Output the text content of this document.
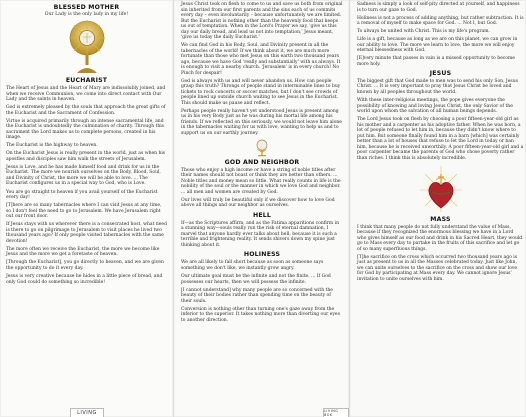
BLESSED MOTHER
Our Lady is the only lady in my life!
EUCHARIST

The Heart of Jesus and the Heart of Mary are indissolubly joined, and when we receive Communion, we come into direct contact with Our Lady and the saints in heaven.

God is extremely pleased by the souls that approach the great gifts of the Eucharist and the Sacrament of Confession.

Virtue is acquired primarily through an intense sacramental life, and the Eucharist is undoubtedly the culmination of charity. Through this sacrament the Lord makes us to complete persons, created in his image.

The Eucharist is the highway to heaven.

On the Eucharist Jesus is really present in the world, just as when his apostles and disciples saw him walk the streets of Jerusalem.

Jesus is Love, and he has made himself food and drink for us in the Eucharist. The more we nourish ourselves on the Body, Blood, Soul, and Divinity of Christ, the more we will be able to love. ... The Eucharist configures us in a special way to God, who is Love.

You are go straight to heaven if you avail yourself of the Eucharist every day!

[T]here are so many tabernacles where I can visit Jesus at any time, so I don't feel the need to go to Jerusalem. We have Jerusalem right out our front door.

If Jesus stays with us wherever there is a consecrated host, what need is there to go on pilgrimage to Jerusalem to visit places he lived two thousand years ago? If only people visited tabernacles with the same devotion!

The more often we receive the Eucharist, the more we become like Jesus and the more we get a foretaste of heaven.

[Through the Eucharist], you go directly to heaven, and we are given the opportunity to do it every day.

Jesus is very creative because he hides in a little piece of bread, and only God could do something so incredible!

LIVING

Jesus Christ took on flesh to come to us and save us both from original sin inherited from our first parents and the sins each of us commits every day – even involuntarily – because unfortunately we are limited. But the Eucharist is nothing other than the heavenly food that keeps us out of temptation. When in the Lord's Prayer we say, 'give us this day our daily bread, and lead us not into temptation,' Jesus meant, 'give us today the daily Eucharist.'

We can find God in his Body, Soul, and Divinity present in all the tabernacles of the world! If we think about it, we are much more fortunate than those who met Jesus on this earth two thousand years ago, because we have God 'really and substantially' with us always. It is enough to visit a nearby church. 'Jerusalem' is in every church! No Pinch for despair!

God is always with us and will never abandon us. How can people grasp this truth? Throngs of people stand in interminable lines to buy tickets to rock concerts or soccer matches, but I don't see crowds of people lined up outside church waiting to see Jesus in the Eucharist. This should make us pause and reflect.

Perhaps people really haven't yet understood Jesus is present among us in his very Body just as he was during his mortal life among his friends. If we reflected on this seriously, we would not leave him alone in the tabernacles waiting for us with love, wanting to help us and to support us on our earthly journey.

GOD AND NEIGHBOR

Those who enjoy a high income or have a string of noble titles after their names should not boast or think they are better than others. ... Noble titles and money mean so little. What really counts in life is the nobility of the soul or the manner in which we love God and neighbor. ... all men and women are created by God.

Our lives will truly be beautiful only if we discover how to love God above all things and our neighbor as ourselves.

HELL

If—as the Scriptures affirm, and as the Fatima apparitions confirm in a stunning way—souls really run the risk of eternal damnation, I marvel that anyone hardly ever talks about hell, because it is such a terrible and frightening reality. It sends shivers down my spine just thinking about it.

HOLINESS

We are all likely to fall short because as soon as someone says something we don't like, we instantly grow angry.

Our ultimate goal must be the infinite and not the finite. ... If God possesses our hearts, then we will possess the infinite.

[I cannot understand] why many people are so concerned with the beauty of their bodies rather than spending time on the beauty of their souls.

Conversion is nothing other than turning one's gaze away from the inferior to the superior. It takes nothing more than diverting our eyes to another direction.

LIVING BOK

Sadness is simply a look of self-pity directed at yourself, and happiness is to turn our gaze to God.

Holiness is not a process of adding anything, but rather subtraction. It is a removal of myself to make space for God. ... Not I, but God.

To always be united with Christ. This is my life's program.

Life is a gift, because as long as we are on this planet, we can grow in our ability to love. The more we learn to love, the more we will enjoy eternal blessedness with God.

[E]very minute that passes in vain is a missed opportunity to become more holy.

JESUS

The biggest gift that God made to men was to send his only Son, Jesus Christ. ... It is very important to pray that Jesus Christ be loved and known by all peoples throughout the world.

With these inter-religious meetings, the pope gives everyone the possibility of knowing and loving Jesus Christ, the only Savior of the world upon whom the salvation of all human beings depends.

The Lord Jesus took on flesh by choosing a poor fifteen-year-old girl as his mother and a carpenter as his adoptive father. When he was born, a lot of people refused to let him in, because they didn't know where to put him. But someone finally found him in a barn [which] was certainly better than a lot of houses that refuse to let the Lord in today or ban him, because he is received unworthily. A poor fifteen-year-old girl and a poor carpenter became the parents of God who chose poverty rather than riches. I think this is absolutely incredible.

MASS

I think that many people do not fully understand the value of Mass, because if they recognized the enormous blessing we have in a Lord who gives himself as our food and drink in his Sacred Heart, they would go to Mass every day to partake in the fruits of this sacrifice and let go of so many superfluous things.

[T]he sacrifice on the cross which occurred two thousand years ago is just as present to us in all the Masses celebrated today. Just like John, we can unite ourselves to the sacrifice on the cross and show our love for God by participating at Mass every day. We cannot ignore Jesus' invitation to unite ourselves with him.
